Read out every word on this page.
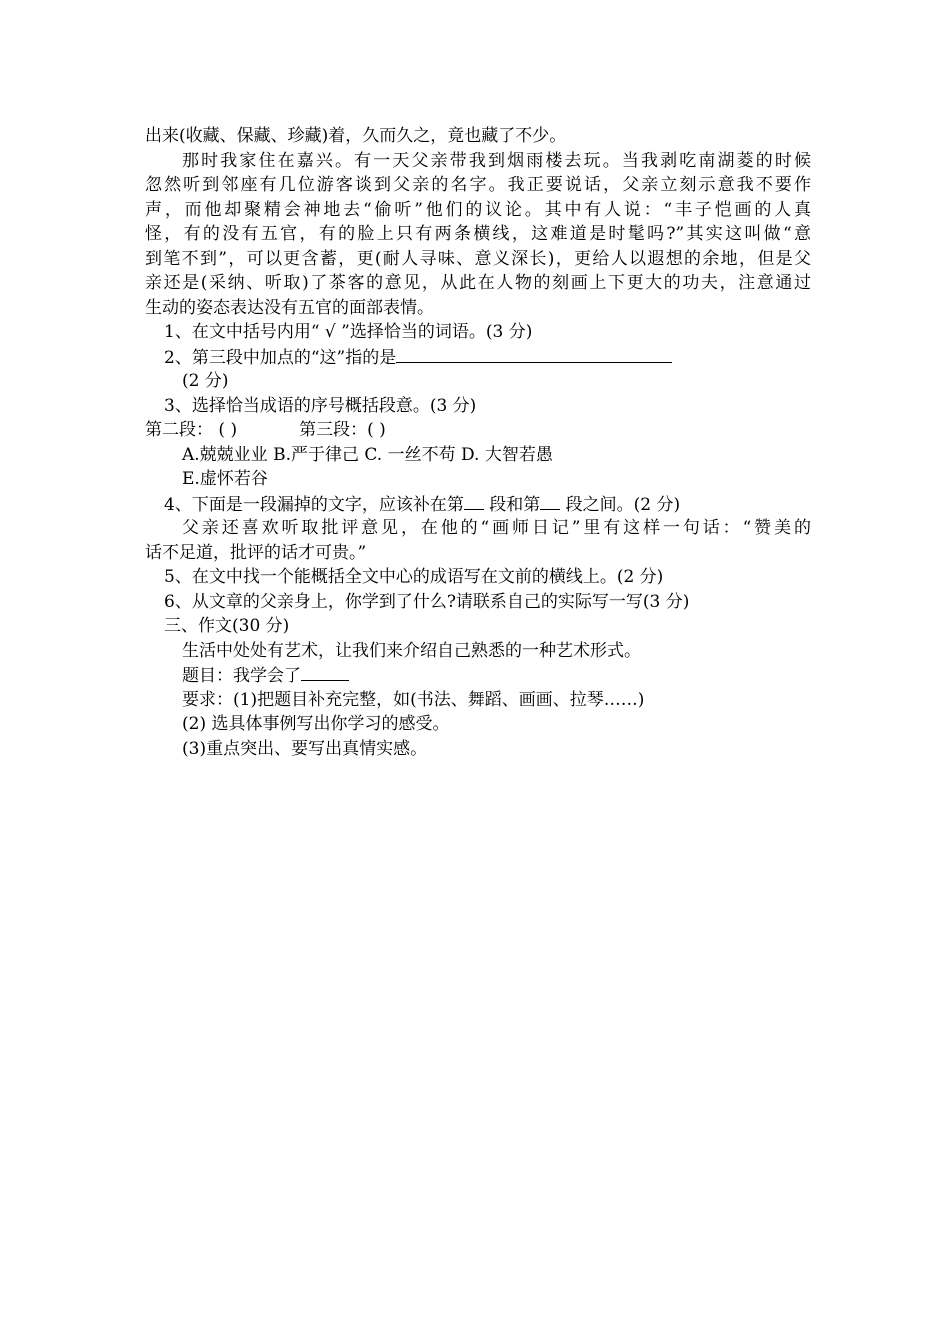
出来(收藏、保藏、珍藏)着，久而久之，竟也藏了不少。
那时我家住在嘉兴。有一天父亲带我到烟雨楼去玩。当我剥吃南湖菱的时候
忽然听到邻座有几位游客谈到父亲的名字。我正要说话，父亲立刻示意我不要作
声，而他却聚精会神地去“偷听”他们的议论。其中有人说：“丰子恺画的人真
怪，有的没有五官，有的脸上只有两条横线，这难道是时髦吗?”其实这叫做“意
到笔不到”，可以更含蓄，更(耐人寻味、意义深长)，更给人以遐想的余地，但是父
亲还是(采纳、听取)了茶客的意见，从此在人物的刻画上下更大的功夫，注意通过
生动的姿态表达没有五官的面部表情。
1、在文中括号内用“ √ ”选择恰当的词语。(3 分)
2、第三段中加点的“这”指的是
(2 分)
3、选择恰当成语的序号概括段意。(3 分)
第二段： ( )	第三段：( )
A.兢兢业业 B.严于律己 C. 一丝不苟 D. 大智若愚
E.虚怀若谷
4、下面是一段漏掉的文字，应该补在第 段和第 段之间。(2 分)
父亲还喜欢听取批评意见，在他的“画师日记”里有这样一句话：“赞美的
话不足道，批评的话才可贵。”
5、在文中找一个能概括全文中心的成语写在文前的横线上。(2 分)
6、从文章的父亲身上，你学到了什么?请联系自己的实际写一写(3 分)
三、作文(30 分)
生活中处处有艺术，让我们来介绍自己熟悉的一种艺术形式。
题目：我学会了
要求：(1)把题目补充完整，如(书法、舞蹈、画画、拉琴……)
(2) 选具体事例写出你学习的感受。
(3)重点突出、要写出真情实感。
